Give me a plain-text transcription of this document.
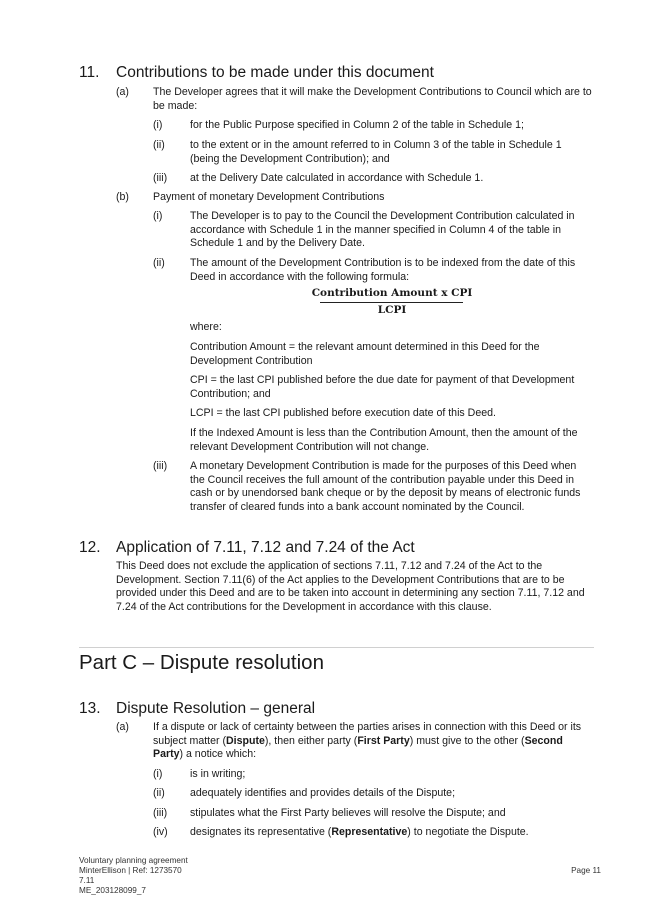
11. Contributions to be made under this document
(a) The Developer agrees that it will make the Development Contributions to Council which are to be made:
(i)	for the Public Purpose specified in Column 2 of the table in Schedule 1;
(ii) to the extent or in the amount referred to in Column 3 of the table in Schedule 1 (being the Development Contribution); and
(iii) at the Delivery Date calculated in accordance with Schedule 1.
(b) Payment of monetary Development Contributions
(i)	The Developer is to pay to the Council the Development Contribution calculated in accordance with Schedule 1 in the manner specified in Column 4 of the table in Schedule 1 and by the Delivery Date.
(ii) The amount of the Development Contribution is to be indexed from the date of this Deed in accordance with the following formula:
Contribution Amount x CPI
LCPI
where:
Contribution Amount = the relevant amount determined in this Deed for the Development Contribution
CPI = the last CPI published before the due date for payment of that Development Contribution; and
LCPI = the last CPI published before execution date of this Deed.
If the Indexed Amount is less than the Contribution Amount, then the amount of the relevant Development Contribution will not change.
(iii) A monetary Development Contribution is made for the purposes of this Deed when the Council receives the full amount of the contribution payable under this Deed in cash or by unendorsed bank cheque or by the deposit by means of electronic funds transfer of cleared funds into a bank account nominated by the Council.
12. Application of 7.11, 7.12 and 7.24 of the Act
This Deed does not exclude the application of sections 7.11, 7.12 and 7.24 of the Act to the Development. Section 7.11(6) of the Act applies to the Development Contributions that are to be provided under this Deed and are to be taken into account in determining any section 7.11, 7.12 and 7.24 of the Act contributions for the Development in accordance with this clause.
Part C – Dispute resolution
13. Dispute Resolution – general
(a) If a dispute or lack of certainty between the parties arises in connection with this Deed or its subject matter (Dispute), then either party (First Party) must give to the other (Second Party) a notice which:
(i)	is in writing;
(ii) adequately identifies and provides details of the Dispute;
(iii) stipulates what the First Party believes will resolve the Dispute; and
(iv) designates its representative (Representative) to negotiate the Dispute.
Voluntary planning agreement
MinterEllison | Ref: 1273570
7.11
ME_203128099_7
Page 11
